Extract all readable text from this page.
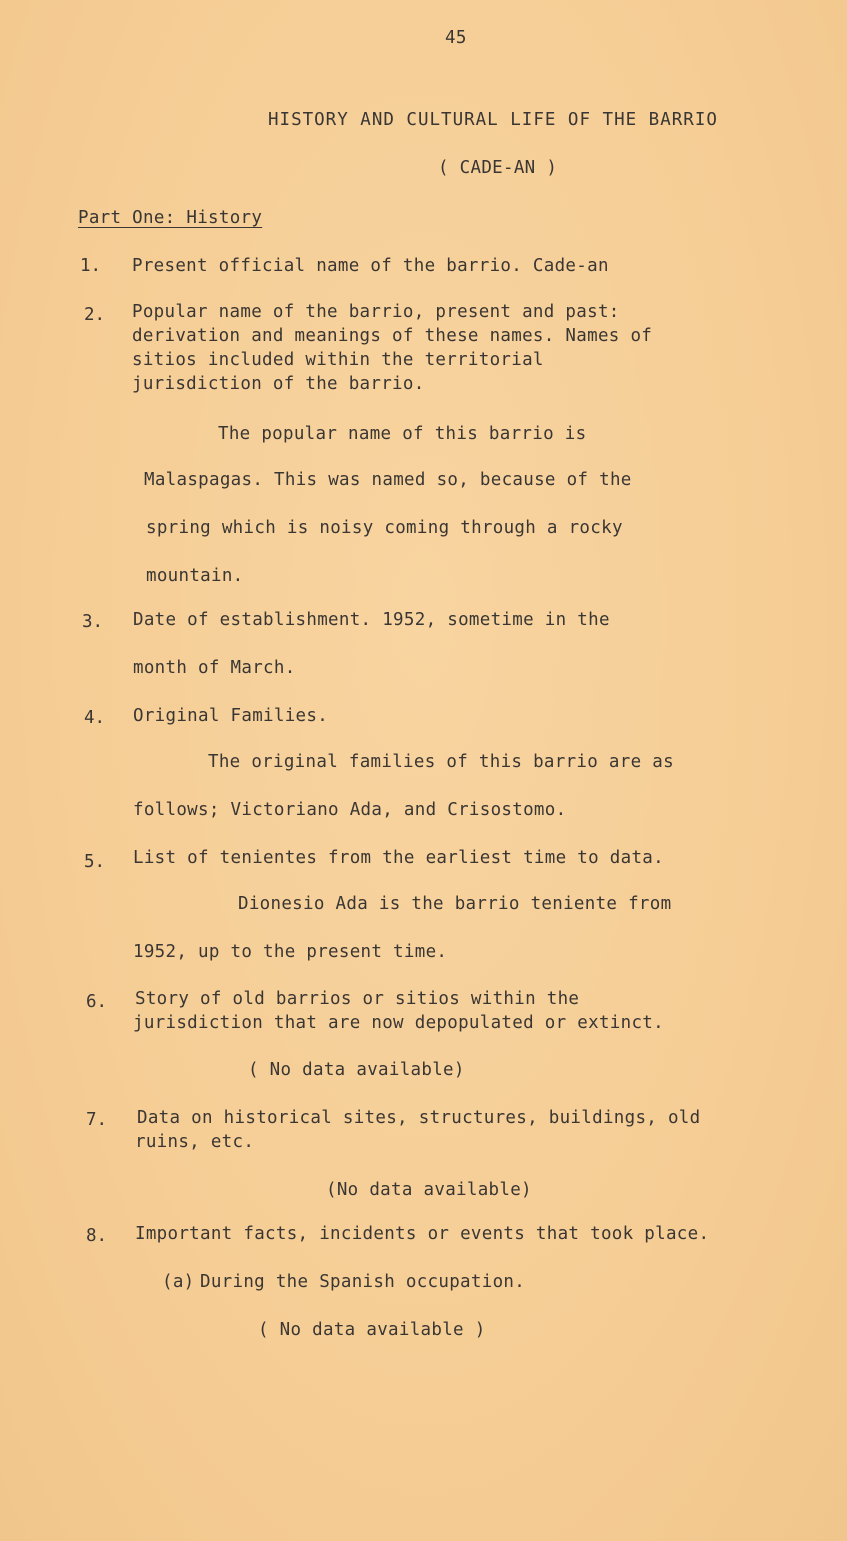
45
HISTORY AND CULTURAL LIFE OF THE BARRIO
( CADE-AN )
Part One: History
1. Present official name of the barrio. Cade-an
2. Popular name of the barrio, present and past:
derivation and meanings of these names. Names of
sitios included within the territorial
jurisdiction of the barrio.
The popular name of this barrio is
Malaspagas. This was named so, because of the
spring which is noisy coming through a rocky
mountain.
3. Date of establishment. 1952, sometime in the
month of March.
4. Original Families.
The original families of this barrio are as
follows; Victoriano Ada, and Crisostomo.
5. List of tenientes from the earliest time to data.
Dionesio Ada is the barrio teniente from
1952, up to the present time.
6. Story of old barrios or sitios within the
jurisdiction that are now depopulated or extinct.
( No data available)
7. Data on historical sites, structures, buildings, old
ruins, etc.
(No data available)
8. Important facts, incidents or events that took place.
(a) During the Spanish occupation.
( No data available )
